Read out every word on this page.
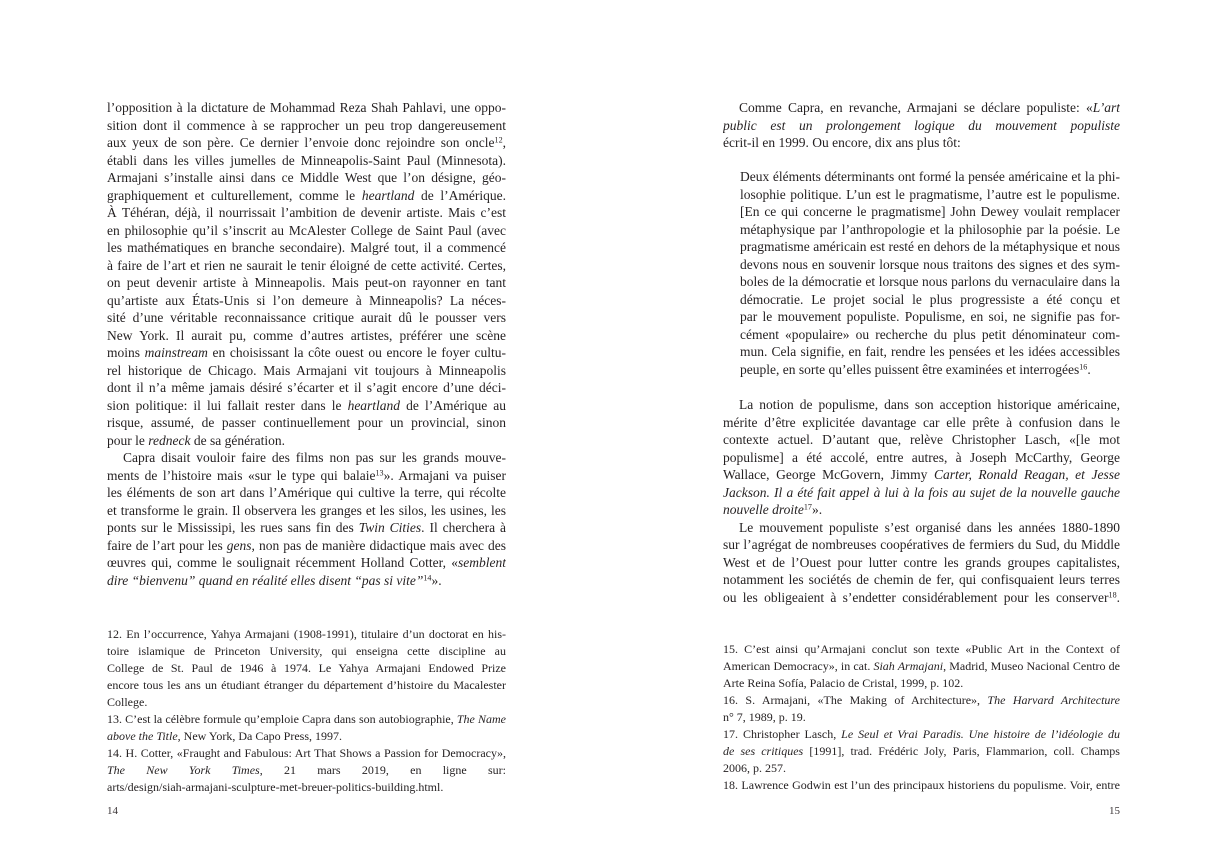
l’opposition à la dictature de Mohammad Reza Shah Pahlavi, une oppo-
sition dont il commence à se rapprocher un peu trop dangereusement
aux yeux de son père. Ce dernier l’envoie donc rejoindre son oncle$^{12}$,
établi dans les villes jumelles de Minneapolis-Saint Paul (Minnesota).
Armajani s’installe ainsi dans ce Middle West que l’on désigne, géo-
graphiquement et culturellement, comme le heartland de l’Amérique.
À Téhéran, déjà, il nourrissait l’ambition de devenir artiste. Mais c’est
en philosophie qu’il s’inscrit au McAlester College de Saint Paul (avec
les mathématiques en branche secondaire). Malgré tout, il a commencé
à faire de l’art et rien ne saurait le tenir éloigné de cette activité. Certes,
on peut devenir artiste à Minneapolis. Mais peut-on rayonner en tant
qu’artiste aux États-Unis si l’on demeure à Minneapolis? La néces-
sité d’une véritable reconnaissance critique aurait dû le pousser vers
New York. Il aurait pu, comme d’autres artistes, préférer une scène
moins mainstream en choisissant la côte ouest ou encore le foyer cultu-
rel historique de Chicago. Mais Armajani vit toujours à Minneapolis
dont il n’a même jamais désiré s’écarter et il s’agit encore d’une déci-
sion politique: il lui fallait rester dans le heartland de l’Amérique au
risque, assumé, de passer continuellement pour un provincial, sinon
pour le redneck de sa génération.
Capra disait vouloir faire des films non pas sur les grands mouve-
ments de l’histoire mais «sur le type qui balaie$^{13}$». Armajani va puiser
les éléments de son art dans l’Amérique qui cultive la terre, qui récolte
et transforme le grain. Il observera les granges et les silos, les usines, les
ponts sur le Mississipi, les rues sans fin des Twin Cities. Il cherchera à
faire de l’art pour les gens, non pas de manière didactique mais avec des
œuvres qui, comme le soulignait récemment Holland Cotter, «semblent
dire “bienvenu” quand en réalité elles disent “pas si vite”$^{14}$».
12. En l’occurrence, Yahya Armajani (1908-1991), titulaire d’un doctorat en his-
toire islamique de Princeton University, qui enseigna cette discipline au
College de St. Paul de 1946 à 1974. Le Yahya Armajani Endowed Prize
encore tous les ans un étudiant étranger du département d’histoire du Macalester
College.
13. C’est la célèbre formule qu’emploie Capra dans son autobiographie, The Name
above the Title, New York, Da Capo Press, 1997.
14. H. Cotter, «Fraught and Fabulous: Art That Shows a Passion for Democracy»,
The New York Times, 21 mars 2019, en ligne sur:
arts/design/siah-armajani-sculpture-met-breuer-politics-building.html.
14
Comme Capra, en revanche, Armajani se déclare populiste: «L’art
public est un prolongement logique du mouvement populiste
écrit-il en 1999. Ou encore, dix ans plus tôt:
Deux éléments déterminants ont formé la pensée américaine et la phi-
losophie politique. L’un est le pragmatisme, l’autre est le populisme.
[En ce qui concerne le pragmatisme] John Dewey voulait remplacer
métaphysique par l’anthropologie et la philosophie par la poésie. Le
pragmatisme américain est resté en dehors de la métaphysique et nous
devons nous en souvenir lorsque nous traitons des signes et des sym-
boles de la démocratie et lorsque nous parlons du vernaculaire dans la
démocratie. Le projet social le plus progressiste a été conçu et
par le mouvement populiste. Populisme, en soi, ne signifie pas for-
cément «populaire» ou recherche du plus petit dénominateur com-
mun. Cela signifie, en fait, rendre les pensées et les idées accessibles
peuple, en sorte qu’elles puissent être examinées et interrogées$^{16}$.
La notion de populisme, dans son acception historique américaine,
mérite d’être explicitée davantage car elle prête à confusion dans le
contexte actuel. D’autant que, relève Christopher Lasch, «[le mot
populisme] a été accolé, entre autres, à Joseph McCarthy, George
Wallace, George McGovern, Jimmy Carter, Ronald Reagan, et Jesse
Jackson. Il a été fait appel à lui à la fois au sujet de la nouvelle gauche
nouvelle droite$^{17}$».
Le mouvement populiste s’est organisé dans les années 1880-1890
sur l’agrégat de nombreuses coopératives de fermiers du Sud, du Middle
West et de l’Ouest pour lutter contre les grands groupes capitalistes,
notamment les sociétés de chemin de fer, qui confisquaient leurs terres
ou les obligeaient à s’endetter considérablement pour les conserver$^{18}$.
15. C’est ainsi qu’Armajani conclut son texte «Public Art in the Context of
American Democracy», in cat. Siah Armajani, Madrid, Museo Nacional Centro de
Arte Reina Sofía, Palacio de Cristal, 1999, p. 102.
16. S. Armajani, «The Making of Architecture», The Harvard Architecture
n° 7, 1989, p. 19.
17. Christopher Lasch, Le Seul et Vrai Paradis. Une histoire de l’idéologie du
de ses critiques [1991], trad. Frédéric Joly, Paris, Flammarion, coll. Champs
2006, p. 257.
18. Lawrence Godwin est l’un des principaux historiens du populisme. Voir, entre
15
